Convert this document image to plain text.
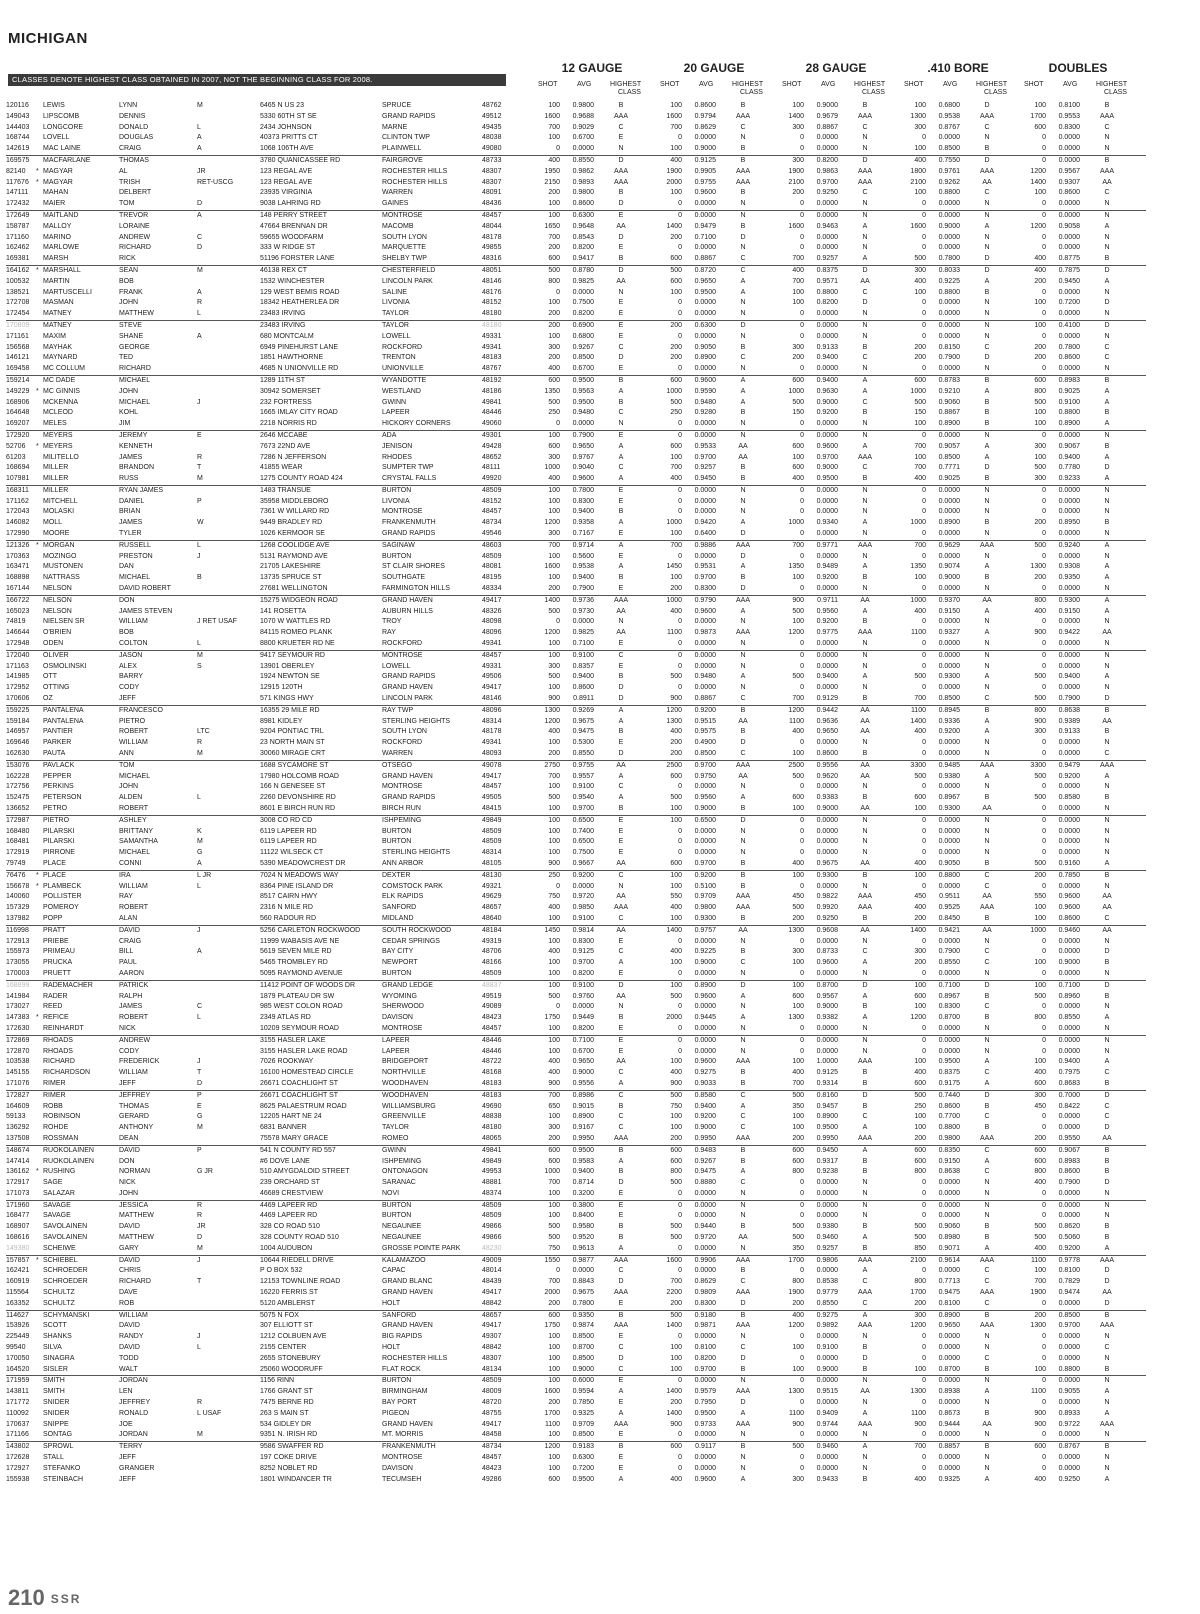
MICHIGAN
CLASSES DENOTE HIGHEST CLASS OBTAINED IN 2007, NOT THE BEGINNING CLASS FOR 2008.
12 GAUGE	20 GAUGE	28 GAUGE	.410 BORE	DOUBLES
SHOT	AVG	HIGHEST
CLASS
SHOT	AVG	HIGHEST
CLASS
SHOT	AVG	HIGHEST
CLASS
SHOT	AVG	HIGHEST
CLASS
SHOT	AVG	HIGHEST
CLASS
120116	LEWIS	LYNN	M	6465 N US 23	SPRUCE	48762	100	0.9800	B	100	0.8600	B	100	0.9000	B	100	0.6800	D	100	0.8100	B
149043	LIPSCOMB	DENNIS	5330 60TH ST SE	GRAND RAPIDS	49512	1600	0.9688	AAA	1600	0.9794	AAA	1400	0.9679	AAA	1300	0.9538	AAA	1700	0.9553	AAA
144403	LONGCORE	DONALD	L	2434 JOHNSON	MARNE	49435	700	0.9029	C	700	0.8629	C	300	0.8867	C	300	0.8767	C	600	0.8300	C
168744	LOVELL	DOUGLAS	A	40373 PRITTS CT	CLINTON TWP	48038	100	0.6700	E	0	0.0000	N	0	0.0000	N	0	0.0000	N	0	0.0000	N
142619	MAC LAINE	CRAIG	A	1068 106TH AVE	PLAINWELL	49080	0	0.0000	N	100	0.9000	B	0	0.0000	N	100	0.8500	B	0	0.0000	N
169575	MACFARLANE	THOMAS	3780 QUANICASSEE RD	FAIRGROVE	48733	400	0.8550	D	400	0.9125	B	300	0.8200	D	400	0.7550	D	0	0.0000	B
82140	* MAGYAR	AL	JR	123 REGAL AVE	ROCHESTER HILLS	48307	1950	0.9862	AAA	1900	0.9905	AAA	1900	0.9863	AAA	1800	0.9761	AAA	1200	0.9567	AAA
117676	* MAGYAR	TRISH	RET-USCG	123 REGAL AVE	ROCHESTER HILLS	48307	2150	0.9893	AAA	2000	0.9755	AAA	2100	0.9700	AAA	2100	0.9262	AA	1400	0.9307	AA
147111	MAHAN	DELBERT	23935 VIRGINIA	WARREN	48091	200	0.9800	B	100	0.9600	B	200	0.9250	C	100	0.8800	C	100	0.8600	C
172432	MAIER	TOM	D	9038 LAHRING RD	GAINES	48436	100	0.8600	D	0	0.0000	N	0	0.0000	N	0	0.0000	N	0	0.0000	N
172649	MAITLAND	TREVOR	A	148 PERRY STREET	MONTROSE	48457	100	0.6300	E	0	0.0000	N	0	0.0000	N	0	0.0000	N	0	0.0000	N
158787	MALLOY	LORAINE	47664 BRENNAN DR	MACOMB	48044	1650	0.9648	AA	1400	0.9479	B	1600	0.9463	A	1600	0.9000	A	1200	0.9058	A
171160	MARINO	ANDREW	C	59655 WOODFARM	SOUTH LYON	48178	700	0.8543	D	200	0.7100	D	0	0.0000	N	0	0.0000	N	0	0.0000	N
162462	MARLOWE	RICHARD	D	333 W RIDGE ST	MARQUETTE	49855	200	0.8200	E	0	0.0000	N	0	0.0000	N	0	0.0000	N	0	0.0000	N
169381	MARSH	RICK	51196 FORSTER LANE	SHELBY TWP	48316	600	0.9417	B	600	0.8867	C	700	0.9257	A	500	0.7800	D	400	0.8775	B
164162 * MARSHALL	SEAN	M	46138 REX CT	CHESTERFIELD	48051	500	0.8780	D	500	0.8720	C	400	0.8375	D	300	0.8033	D	400	0.7875	D
100532	MARTIN	BOB	1532 WINCHESTER	LINCOLN PARK	48146	800	0.9825	AA	600	0.9650	A	700	0.9571	AA	400	0.9225	A	200	0.9450	A
138521	MARTUSCELLI	FRANK	A	129 WEST BEMIS ROAD	SALINE	48176	0	0.0000	N	100	0.9500	A	100	0.8800	C	100	0.8800	B	0	0.0000	N
172708	MASMAN	JOHN	R	18342 HEATHERLEA DR	LIVONIA	48152	100	0.7500	E	0	0.0000	N	100	0.8200	D	0	0.0000	N	100	0.7200	D
172454	MATNEY	MATTHEW	L	23483 IRVING	TAYLOR	48180	200	0.8200	E	0	0.0000	N	0	0.0000	N	0	0.0000	N	0	0.0000	N
170809	MATNEY	STEVE	23483 IRVING	TAYLOR	48180	200	0.6900	E	200	0.6300	D	0	0.0000	N	0	0.0000	N	100	0.4100	D
171161	MAXIM	SHANE	A	680 MONTCALM	LOWELL	49331	100	0.6800	E	0	0.0000	N	0	0.0000	N	0	0.0000	N	0	0.0000	N
156568	MAYHAK	GEORGE	6949 PINEHURST LANE	ROCKFORD	49341	300	0.9267	C	200	0.9050	B	300	0.9133	B	200	0.8150	C	200	0.7800	C
146121	MAYNARD	TED	1851 HAWTHORNE	TRENTON	48183	200	0.8500	D	200	0.8900	C	200	0.9400	C	200	0.7900	D	200	0.8600	C
169458	MC COLLUM	RICHARD	4685 N UNIONVILLE RD	UNIONVILLE	48767	400	0.6700	E	0	0.0000	N	0	0.0000	N	0	0.0000	N	0	0.0000	N
159214	MC DADE	MICHAEL	1289 11TH ST	WYANDOTTE	48192	600	0.9500	B	600	0.9600	A	600	0.9400	A	600	0.8783	B	600	0.8983	B
149229 * MC GINNIS	JOHN	30942 SOMERSET	WESTLAND	48186	1350	0.9563	A	1000	0.9590	A	1000	0.9630	A	1000	0.9210	A	800	0.9025	A
168906	MCKENNA	MICHAEL	J	232 FORTRESS	GWINN	49841	500	0.9500	B	500	0.9480	A	500	0.9000	C	500	0.9060	B	500	0.9100	A
164648	MCLEOD	KOHL	1665 IMLAY CITY ROAD	LAPEER	48446	250	0.9480	C	250	0.9280	B	150	0.9200	B	150	0.8867	B	100	0.8800	B
169207	MELES	JIM	2218 NORRIS RD	HICKORY CORNERS	49060	0	0.0000	N	0	0.0000	N	0	0.0000	N	100	0.8900	B	100	0.8900	A
172920	MEYERS	JEREMY	E	2646 MCCABE	ADA	49301	100	0.7900	E	0	0.0000	N	0	0.0000	N	0	0.0000	N	0	0.0000	N
52706	* MEYERS	KENNETH	7673 22ND AVE	JENISON	49428	600	0.9650	A	600	0.9533	AA	600	0.9600	A	700	0.9057	A	300	0.9067	B
61203	MILITELLO	JAMES	R	7286 N JEFFERSON	RHODES	48652	300	0.9767	A	100	0.9700	AA	100	0.9700	AAA	100	0.8500	A	100	0.9400	A
168694	MILLER	BRANDON	T	41855 WEAR	SUMPTER TWP	48111	1000	0.9040	C	700	0.9257	B	600	0.9000	C	700	0.7771	D	500	0.7780	D
107981	MILLER	RUSS	M	1275 COUNTY ROAD 424	CRYSTAL FALLS	49920	400	0.9600	A	400	0.9450	B	400	0.9500	B	400	0.9025	B	300	0.9233	A
168311	MILLER	RYAN JAMES	1483 TRANSUE	BURTON	48509	100	0.7800	E	0	0.0000	N	0	0.0000	N	0	0.0000	N	0	0.0000	N
171162	MITCHELL	DANIEL	P	35958 MIDDLEBORO	LIVONIA	48152	100	0.8300	E	0	0.0000	N	0	0.0000	N	0	0.0000	N	0	0.0000	N
172043	MOLASKI	BRIAN	7361 W WILLARD RD	MONTROSE	48457	100	0.9400	B	0	0.0000	N	0	0.0000	N	0	0.0000	N	0	0.0000	N
146082	MOLL	JAMES	W	9449 BRADLEY RD	FRANKENMUTH	48734	1200	0.9358	A	1000	0.9420	A	1000	0.9340	A	1000	0.8900	B	200	0.8950	B
172990	MOORE	TYLER	1026 KERMOOR SE	GRAND RAPIDS	49546	300	0.7167	E	100	0.6400	D	0	0.0000	N	0	0.0000	N	0	0.0000	N
121326 * MORGAN	RUSSELL	L	1268 COOLIDGE AVE	SAGINAW	48603	700	0.9714	A	700	0.9886	AAA	700	0.9771	AAA	700	0.9629	AAA	500	0.9240	A
170363	MOZINGO	PRESTON	J	5131 RAYMOND AVE	BURTON	48509	100	0.5600	E	0	0.0000	D	0	0.0000	N	0	0.0000	N	0	0.0000	N
163471	MUSTONEN	DAN	21705 LAKESHIRE	ST CLAIR SHORES	48081	1600	0.9538	A	1450	0.9531	A	1350	0.9489	A	1350	0.9074	A	1300	0.9308	A
168898	NATTRASS	MICHAEL	B	13735 SPRUCE ST	SOUTHGATE	48195	100	0.9400	B	100	0.9700	B	100	0.9200	B	100	0.9000	B	200	0.9350	A
167144	NELSON	DAVID ROBERT	27681 WELLINGTON	FARMINGTON HILLS	48334	200	0.7900	E	200	0.8300	D	0	0.0000	N	0	0.0000	N	0	0.0000	N
166722	NELSON	DON	15275 WIDGEON ROAD	GRAND HAVEN	49417	1400	0.9736	AAA	1000	0.9790	AAA	900	0.9711	AA	1000	0.9370	AA	800	0.9300	A
165023	NELSON	JAMES STEVEN	141 ROSETTA	AUBURN HILLS	48326	500	0.9730	AA	400	0.9600	A	500	0.9560	A	400	0.9150	A	400	0.9150	A
74819	NIELSEN SR	WILLIAM	J RET USAF	1070 W WATTLES RD	TROY	48098	0	0.0000	N	0	0.0000	N	100	0.9200	B	0	0.0000	N	0	0.0000	N
146644	O'BRIEN	BOB	84115 ROMEO PLANK	RAY	48096	1200	0.9825	AA	1100	0.9873	AAA	1200	0.9775	AAA	1100	0.9327	A	900	0.9422	AA
172948	ODEN	COLTON	L	8800 KRUETER RD NE	ROCKFORD	49341	100	0.7100	E	0	0.0000	N	0	0.0000	N	0	0.0000	N	0	0.0000	N
172040	OLIVER	JASON	M	9417 SEYMOUR RD	MONTROSE	48457	100	0.9100	C	0	0.0000	N	0	0.0000	N	0	0.0000	N	0	0.0000	N
171163	OSMOLINSKI	ALEX	S	13901 OBERLEY	LOWELL	49331	300	0.8357	E	0	0.0000	N	0	0.0000	N	0	0.0000	N	0	0.0000	N
141985	OTT	BARRY	1924 NEWTON SE	GRAND RAPIDS	49506	500	0.9400	B	500	0.9480	A	500	0.9400	A	500	0.9300	A	500	0.9400	A
172952	OTTING	CODY	12915 120TH	GRAND HAVEN	49417	100	0.8600	D	0	0.0000	N	0	0.0000	N	0	0.0000	N	0	0.0000	N
170606	OZ	JEFF	571 KINGS HWY	LINCOLN PARK	48146	900	0.8911	D	900	0.8867	C	700	0.9129	B	700	0.8500	C	500	0.7900	D
159225	PANTALENA	FRANCESCO	16355 29 MILE RD	RAY TWP	48096	1300	0.9269	A	1200	0.9200	B	1200	0.9442	AA	1100	0.8945	B	800	0.8638	B
159184	PANTALENA	PIETRO	8981 KIDLEY	STERLING HEIGHTS	48314	1200	0.9675	A	1300	0.9515	AA	1100	0.9636	AA	1400	0.9336	A	900	0.9389	AA
146957	PANTIER	ROBERT	LTC	9204 PONTIAC TRL	SOUTH LYON	48178	400	0.9475	B	400	0.9575	B	400	0.9650	AA	400	0.9200	A	300	0.9133	B
169646	PARKER	WILLIAM	R	23 NORTH MAIN ST	ROCKFORD	49341	100	0.5300	E	200	0.4900	D	0	0.0000	N	0	0.0000	N	0	0.0000	N
162630	PAUTA	ANN	M	30060 MIRAGE CRT	WARREN	48093	200	0.8550	D	200	0.8500	C	100	0.8600	B	0	0.0000	N	0	0.0000	C
153076	PAVLACK	TOM	1688 SYCAMORE ST	OTSEGO	49078	2750	0.9755	AA	2500	0.9700	AAA	2500	0.9556	AA	3300	0.9485	AAA	3300	0.9479	AAA
162228	PEPPER	MICHAEL	17980 HOLCOMB ROAD	GRAND HAVEN	49417	700	0.9557	A	600	0.9750	AA	500	0.9620	AA	500	0.9380	A	500	0.9200	A
172756	PERKINS	JOHN	166 N GENESEE ST	MONTROSE	48457	100	0.9100	C	0	0.0000	N	0	0.0000	N	0	0.0000	N	0	0.0000	N
152475	PETERSON	ALDEN	L	2260 DEVONSHIRE RD	GRAND RAPIDS	49505	500	0.9540	A	500	0.9560	A	600	0.9383	B	600	0.8967	B	500	0.8580	B
136652	PETRO	ROBERT	8601 E BIRCH RUN RD	BIRCH RUN	48415	100	0.9700	B	100	0.9000	B	100	0.9000	AA	100	0.9300	AA	0	0.0000	N
172987	PIETRO	ASHLEY	3008 CO RD CD	ISHPEMING	49849	100	0.6500	E	100	0.6500	D	0	0.0000	N	0	0.0000	N	0	0.0000	N
168480	PILARSKI	BRITTANY	K	6119 LAPEER RD	BURTON	48509	100	0.7400	E	0	0.0000	N	0	0.0000	N	0	0.0000	N	0	0.0000	N
168481	PILARSKI	SAMANTHA	M	6119 LAPEER RD	BURTON	48509	100	0.6500	E	0	0.0000	N	0	0.0000	N	0	0.0000	N	0	0.0000	N
172919	PIRRONE	MICHAEL	G	11122 WILSECK CT	STERLING HEIGHTS	48314	100	0.7500	E	0	0.0000	N	0	0.0000	N	0	0.0000	N	0	0.0000	N
79749	PLACE	CONNI	A	5390 MEADOWCREST DR	ANN ARBOR	48105	900	0.9667	AA	600	0.9700	B	400	0.9675	AA	400	0.9050	B	500	0.9160	A
76476	* PLACE	IRA	L JR	7024 N MEADOWS WAY	DEXTER	48130	250	0.9200	C	100	0.9200	B	100	0.9300	B	100	0.8800	C	200	0.7850	B
156678 * PLAMBECK	WILLIAM	L	8364 PINE ISLAND DR	COMSTOCK PARK	49321	0	0.0000	N	100	0.5100	B	0	0.0000	N	0	0.0000	C	0	0.0000	N
140060	POLLISTER	RAY	8517 CAIRN HWY	ELK RAPIDS	49629	750	0.9720	AA	550	0.9709	AAA	450	0.9822	AAA	450	0.9511	AA	550	0.9600	AA
157329	POMEROY	ROBERT	2316 N MILE RD	SANFORD	48657	400	0.9850	AAA	400	0.9800	AAA	500	0.9920	AAA	400	0.9525	AAA	100	0.9600	AA
137982	POPP	ALAN	560 RADOUR RD	MIDLAND	48640	100	0.9100	C	100	0.9300	B	200	0.9250	B	200	0.8450	B	100	0.8600	C
116998	PRATT	DAVID	J	5256 CARLETON ROCKWOOD	SOUTH ROCKWOOD	48184	1450	0.9814	AA	1400	0.9757	AA	1300	0.9608	AA	1400	0.9421	AA	1000	0.9460	AA
172913	PRIEBE	CRAIG	11999 WABASIS AVE NE	CEDAR SPRINGS	49319	100	0.8300	E	0	0.0000	N	0	0.0000	N	0	0.0000	N	0	0.0000	N
155973	PRIMEAU	BILL	A	5619 SEVEN MILE RD	BAY CITY	48706	400	0.9125	C	400	0.9225	B	300	0.8733	C	300	0.7900	C	0	0.0000	D
173055	PRUCKA	PAUL	5465 TROMBLEY RD	NEWPORT	48166	100	0.9700	A	100	0.9000	C	100	0.9600	A	200	0.8550	C	100	0.9000	B
170003	PRUETT	AARON	5095 RAYMOND AVENUE	BURTON	48509	100	0.8200	E	0	0.0000	N	0	0.0000	N	0	0.0000	N	0	0.0000	N
168899	RADEMACHER	PATRICK	11412 POINT OF WOODS DR	GRAND LEDGE	48837	100	0.9100	D	100	0.8900	D	100	0.8700	D	100	0.7100	D	100	0.7100	D
141984	RADER	RALPH	1879 PLATEAU DR SW	WYOMING	49519	500	0.9760	AA	500	0.9600	A	600	0.9567	A	600	0.8967	B	500	0.8960	B
173027	REED	JAMES	C	985 WEST COLON ROAD	SHERWOOD	49089	0	0.0000	N	0	0.0000	N	100	0.9000	B	100	0.8300	C	0	0.0000	N
147383 * REFICE	ROBERT	L	2349 ATLAS RD	DAVISON	48423	1750	0.9449	B	2000	0.9445	A	1300	0.9382	A	1200	0.8700	B	800	0.8550	A
172630	REINHARDT	NICK	10209 SEYMOUR ROAD	MONTROSE	48457	100	0.8200	E	0	0.0000	N	0	0.0000	N	0	0.0000	N	0	0.0000	N
172869	RHOADS	ANDREW	3155 HASLER LAKE	LAPEER	48446	100	0.7100	E	0	0.0000	N	0	0.0000	N	0	0.0000	N	0	0.0000	N
172870	RHOADS	CODY	3155 HASLER LAKE ROAD	LAPEER	48446	100	0.6700	E	0	0.0000	N	0	0.0000	N	0	0.0000	N	0	0.0000	N
103538	RICHARD	FREDERICK	J	7026 ROOKWAY	BRIDGEPORT	48722	400	0.9650	AA	100	0.9600	AAA	100	1.0000	AAA	100	0.9500	A	100	0.9400	A
145155	RICHARDSON	WILLIAM	T	16100 HOMESTEAD CIRCLE	NORTHVILLE	48168	400	0.9000	C	400	0.9275	B	400	0.9125	B	400	0.8375	C	400	0.7975	C
171076	RIMER	JEFF	D	26671 COACHLIGHT ST	WOODHAVEN	48183	900	0.9556	A	900	0.9033	B	700	0.9314	B	600	0.9175	A	600	0.8683	B
172827	RIMER	JEFFREY	P	26671 COACHLIGHT ST	WOODHAVEN	48183	700	0.8986	C	500	0.8580	C	500	0.8160	D	500	0.7440	D	300	0.7000	D
164609	ROBB	THOMAS	E	8625 PALAESTRUM ROAD	WILLIAMSBURG	49690	650	0.9015	B	750	0.9400	A	350	0.9457	B	250	0.8600	B	450	0.8422	C
59133	ROBINSON	GERARD	G	12205 HART NE 24	GREENVILLE	48838	100	0.8900	C	100	0.9200	C	100	0.8900	C	100	0.7700	C	0	0.0000	C
136292	ROHDE	ANTHONY	M	6831 BANNER	TAYLOR	48180	300	0.9167	C	100	0.9000	C	100	0.9500	A	100	0.8800	B	0	0.0000	D
137508	ROSSMAN	DEAN	75578 MARY GRACE	ROMEO	48065	200	0.9950	AAA	200	0.9950	AAA	200	0.9950	AAA	200	0.9800	AAA	200	0.9550	AA
148674	RUOKOLAINEN	DAVID	P	541 N COUNTY RD 557	GWINN	49841	600	0.9500	B	600	0.9483	B	600	0.9450	A	600	0.8350	C	600	0.9067	B
147414	RUOKOLAINEN	DON	#6 DOVE LANE	ISHPEMING	49849	600	0.9583	A	600	0.9267	B	600	0.9317	B	600	0.9150	A	600	0.8983	B
136162 * RUSHING	NORMAN	G JR	510 AMYGDALOID STREET	ONTONAGON	49953	1000	0.9400	B	800	0.9475	A	800	0.9238	B	800	0.8638	C	800	0.8600	B
172917	SAGE	NICK	239 ORCHARD ST	SARANAC	48881	700	0.8714	D	500	0.8880	C	0	0.0000	N	0	0.0000	N	400	0.7900	D
171073	SALAZAR	JOHN	46689 CRESTVIEW	NOVI	48374	100	0.3200	E	0	0.0000	N	0	0.0000	N	0	0.0000	N	0	0.0000	N
171960	SAVAGE	JESSICA	R	4469 LAPEER RD	BURTON	48509	100	0.3800	E	0	0.0000	N	0	0.0000	N	0	0.0000	N	0	0.0000	N
168477	SAVAGE	MATTHEW	R	4469 LAPEER RD	BURTON	48509	100	0.8400	E	0	0.0000	N	0	0.0000	N	0	0.0000	N	0	0.0000	N
168907	SAVOLAINEN	DAVID	JR	328 CO ROAD 510	NEGAUNEE	49866	500	0.9580	B	500	0.9440	B	500	0.9380	B	500	0.9060	B	500	0.8620	B
168616	SAVOLAINEN	MATTHEW	D	328 COUNTY ROAD 510	NEGAUNEE	49866	500	0.9520	B	500	0.9720	AA	500	0.9460	A	500	0.8980	B	500	0.5060	B
149380	SCHEIWE	GARY	M	1004 AUDUBON	GROSSE POINTE PARK	48230	750	0.9613	A	0	0.0000	N	350	0.9257	B	850	0.9071	A	400	0.9200	A
157857 * SCHIEBEL	DAVID	J	10644 RIEDELL DRIVE	KALAMAZOO	49009	1550	0.9877	AAA	1600	0.9906	AAA	1700	0.9806	AAA	2100	0.9614	AAA	1100	0.9778	AAA
162421	SCHROEDER	CHRIS	P O BOX 532	CAPAC	48014	0	0.0000	C	0	0.0000	B	0	0.0000	A	0	0.0000	C	100	0.8100	D
160919	SCHROEDER	RICHARD	T	12153 TOWNLINE ROAD	GRAND BLANC	48439	700	0.8843	D	700	0.8629	C	800	0.8538	C	800	0.7713	C	700	0.7829	D
115564	SCHULTZ	DAVE	16220 FERRIS ST	GRAND HAVEN	49417	2000	0.9675	AAA	2200	0.9809	AAA	1900	0.9779	AAA	1700	0.9475	AAA	1900	0.9474	AA
163352	SCHULTZ	ROB	5120 AMBLERST	HOLT	48842	200	0.7800	E	200	0.8300	D	200	0.8550	C	200	0.8100	C	0	0.0000	D
114627	SCHYMANSKI	WILLIAM	5075 N FOX	SANFORD	48657	600	0.9350	B	500	0.9180	B	400	0.9275	A	300	0.8900	B	200	0.8500	B
153926	SCOTT	DAVID	307 ELLIOTT ST	GRAND HAVEN	49417	1750	0.9874	AAA	1400	0.9871	AAA	1200	0.9892	AAA	1200	0.9650	AAA	1300	0.9700	AAA
225449	SHANKS	RANDY	J	1212 COLBUEN AVE	BIG RAPIDS	49307	100	0.8500	E	0	0.0000	N	0	0.0000	N	0	0.0000	N	0	0.0000	N
99540	SILVA	DAVID	L	2155 CENTER	HOLT	48842	100	0.8700	C	100	0.8100	C	100	0.9100	B	0	0.0000	N	0	0.0000	C
170050	SINAGRA	TODD	2655 STONEBURY	ROCHESTER HILLS	48307	100	0.8500	D	100	0.8200	D	0	0.0000	D	0	0.0000	C	0	0.0000	N
164520	SISLER	WALT	25060 WOODRUFF	FLAT ROCK	48134	100	0.9000	C	100	0.9700	B	100	0.9000	B	100	0.8700	B	100	0.8800	B
171959	SMITH	JORDAN	1156 RINN	BURTON	48509	100	0.6000	E	0	0.0000	N	0	0.0000	N	0	0.0000	N	0	0.0000	N
143811	SMITH	LEN	1766 GRANT ST	BIRMINGHAM	48009	1600	0.9594	A	1400	0.9579	AAA	1300	0.9515	AA	1300	0.8938	A	1100	0.9055	A
171772	SNIDER	JEFFREY	R	7475 BERNE RD	BAY PORT	48720	200	0.7850	E	200	0.7950	D	0	0.0000	N	0	0.0000	N	0	0.0000	N
110092	SNIDER	RONALD	L USAF	263 S MAIN ST	PIGEON	48755	1700	0.9325	A	1400	0.9500	A	1100	0.9409	A	1100	0.8673	B	900	0.8933	A
170637	SNIPPE	JOE	534 GIDLEY DR	GRAND HAVEN	49417	1100	0.9709	AAA	900	0.9733	AAA	900	0.9744	AAA	900	0.9444	AA	900	0.9722	AAA
171166	SONTAG	JORDAN	M	9351 N. IRISH RD	MT. MORRIS	48458	100	0.8500	E	0	0.0000	N	0	0.0000	N	0	0.0000	N	0	0.0000	N
143802	SPROWL	TERRY	9586 SWAFFER RD	FRANKENMUTH	48734	1200	0.9183	B	600	0.9117	B	500	0.9460	A	700	0.8857	B	600	0.8767	B
172628	STALL	JEFF	197 COKE DRIVE	MONTROSE	48457	100	0.6300	E	0	0.0000	N	0	0.0000	N	0	0.0000	N	0	0.0000	N
172927	STEFANKO	GRANGER	8252 NOBLET RD	DAVISON	48423	100	0.7200	E	0	0.0000	N	0	0.0000	N	0	0.0000	N	0	0.0000	N
155938	STEINBACH	JEFF	1801 WINDANCER TR	TECUMSEH	49286	600	0.9500	A	400	0.9600	A	300	0.9433	B	400	0.9325	A	400	0.9250	A
210 SSR
